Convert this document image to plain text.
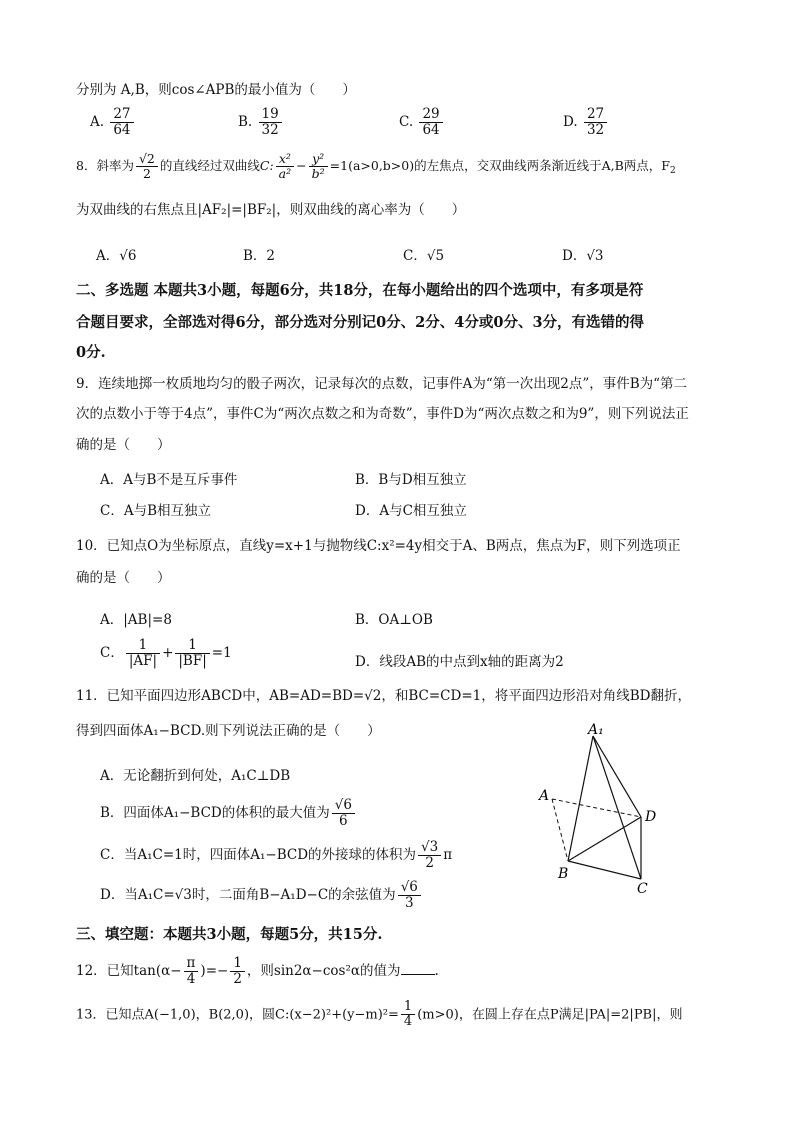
分别为 A,B，则cos∠APB的最小值为（　　）
A. $\frac{27}{64}$	B. $\frac{19}{32}$	C. $\frac{29}{64}$	D. $\frac{27}{32}$
8．斜率为 $\frac{√2}{2}$ 的直线经过双曲线C: $\frac{\text{x²}}{\text{a²}} - \frac{\text{y²}}{\text{b²}} =1(a>0,b>0)$的左焦点，交双曲线两条渐近线于A,B两点，$F_2$
为双曲线的右焦点且|AF₂|=|BF₂|，则双曲线的离心率为（　　）
A．√6	B．2	C．√5	D．√3
二、多选题 本题共3小题，每题6分，共18分，在每小题给出的四个选项中，有多项是符
合题目要求，全部选对得6分，部分选对分别记0分、2分、4分或0分、3分，有选错的得
0分.
9．连续地掷一枚质地均匀的骰子两次，记录每次的点数，记事件A为“第一次出现2点”，事件B为“第二
次的点数小于等于4点”，事件C为“两次点数之和为奇数”，事件D为“两次点数之和为9”，则下列说法正
确的是（　　）
A．A与B不是互斥事件	B．B与D相互独立
C．A与B相互独立	D．A与C相互独立
10．已知点O为坐标原点，直线y=x+1与抛物线C:x²=4y相交于A、B两点，焦点为F，则下列选项正
确的是（　　）
A．|AB|=8	B．OA⊥OB
C． $\frac{1}{|AF|} + \frac{1}{|BF|} =1$
D．线段AB的中点到x轴的距离为2
11．已知平面四边形ABCD中，AB=AD=BD=√2，和BC=CD=1，将平面四边形沿对角线BD翻折，
得到四面体A₁−BCD.则下列说法正确的是（　　）
A．无论翻折到何处，A₁C⊥DB
B．四面体A₁−BCD的体积的最大值为 $\frac{√6}{6}$
C．当A₁C=1时，四面体A₁−BCD的外接球的体积为 $\frac{√3}{2}$ π
D．当A₁C=√3时，二面角B−A₁D−C的余弦值为 $\frac{√6}{3}$
A₁
A
B
C
D
三、填空题：本题共3小题，每题5分，共15分.
12．已知$\tan(\alpha- \frac{\pi}{4}$ )=− $\frac{1}{2}$ ，则sin2α−cos²α的值为	.
13．已知点A(−1,0)，B(2,0)，圆C:(x−2)²+(y−m)²= $\frac{1}{4} (m>0)$，在圆上存在点P满足|PA|=2|PB|，则
